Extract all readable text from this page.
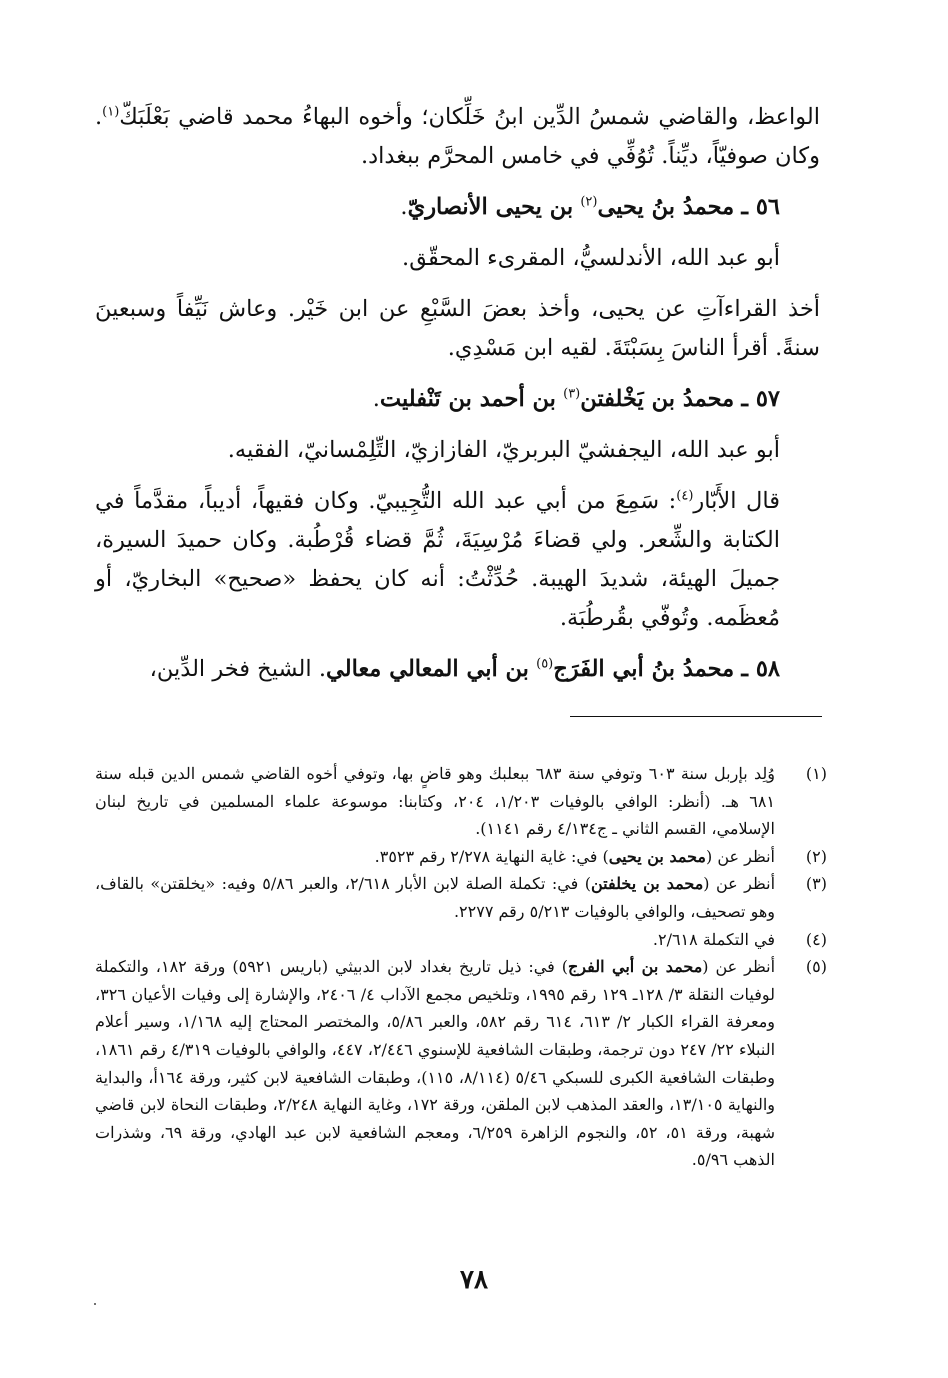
الواعظ، والقاضي شمسُ الدِّين ابنُ خَلِّكان؛ وأخوه البهاءُ محمد قاضي بَعْلَبَكّ$^{(١)}$. وكان صوفيّاً، ديِّناً. تُوُفِّي في خامس المحرَّم ببغداد.

٥٦ ـ محمدُ بنُ يحيى$^{(٢)}$ بن يحيى الأنصاريّ.

أبو عبد الله، الأندلسيُّ، المقرىء المحقّق.

أخذ القراءآتِ عن يحيى، وأخذ بعضَ السَّبْعِ عن ابن خَيْر. وعاش نَيِّفاً وسبعينَ سنةً. أقرأ الناسَ بِسَبْتَةَ. لقيه ابن مَسْدِي.

٥٧ ـ محمدُ بن يَخْلفتن$^{(٣)}$ بن أحمد بن تَنْفليت.

أبو عبد الله، اليجفشيّ البربريّ، الفازازيّ، التِّلِمْسانيّ، الفقيه.

قال الأَبّار$^{(٤)}$: سَمِعَ من أبي عبد الله التُّجِيبيّ. وكان فقيهاً، أديباً، مقدَّماً في الكتابة والشِّعر. ولي قضاءَ مُرْسِيَةَ، ثُمَّ قضاء قُرْطُبة. وكان حميدَ السيرة، جميلَ الهيئة، شديدَ الهيبة. حُدِّثْتُ: أنه كان يحفظ «صحيح» البخاريّ، أو مُعظَمه. وتُوفّي بقُرطُبَة.

٥٨ ـ محمدُ بنُ أبي الفَرَج$^{(٥)}$ بن أبي المعالي معالي. الشيخ فخر الدِّين،

(١)
وُلِد بإربل سنة ٦٠٣ وتوفي سنة ٦٨٣ ببعلبك وهو قاضٍ بها، وتوفي أخوه القاضي شمس الدين قبله سنة ٦٨١ هـ. (أنظر: الوافي بالوفيات ١/٢٠٣، ٢٠٤، وكتابنا: موسوعة علماء المسلمين في تاريخ لبنان الإسلامي، القسم الثاني ـ ج٤/١٣٤ رقم ١١٤١).
(٢)
أنظر عن (محمد بن يحيى) في: غاية النهاية ٢/٢٧٨ رقم ٣٥٢٣.
(٣)
أنظر عن (محمد بن يخلفتن) في: تكملة الصلة لابن الأبار ٢/٦١٨، والعبر ٥/٨٦ وفيه: «يخلقتن» بالقاف، وهو تصحيف، والوافي بالوفيات ٥/٢١٣ رقم ٢٢٧٧.
(٤)
في التكملة ٢/٦١٨.
(٥)
أنظر عن (محمد بن أبي الفرج) في: ذيل تاريخ بغداد لابن الدبيثي (باريس ٥٩٢١) ورقة ١٨٢، والتكملة لوفيات النقلة ٣/ ١٢٨ـ ١٢٩ رقم ١٩٩٥، وتلخيص مجمع الآداب ٤/ ٢٤٠٦، والإشارة إلى وفيات الأعيان ٣٢٦، ومعرفة القراء الكبار ٢/ ٦١٣، ٦١٤ رقم ٥٨٢، والعبر ٥/٨٦، والمختصر المحتاج إليه ١/١٦٨، وسير أعلام النبلاء ٢٢/ ٢٤٧ دون ترجمة، وطبقات الشافعية للإسنوي ٢/٤٤٦، ٤٤٧، والوافي بالوفيات ٤/٣١٩ رقم ١٨٦١، وطبقات الشافعية الكبرى للسبكي ٥/٤٦ (٨/١١٤، ١١٥)، وطبقات الشافعية لابن كثير، ورقة ١٦٤أ، والبداية والنهاية ١٣/١٠٥، والعقد المذهب لابن الملقن، ورقة ١٧٢، وغاية النهاية ٢/٢٤٨، وطبقات النحاة لابن قاضي شهبة، ورقة ٥١، ٥٢، والنجوم الزاهرة ٦/٢٥٩، ومعجم الشافعية لابن عبد الهادي، ورقة ٦٩، وشذرات الذهب ٥/٩٦.
٧٨
